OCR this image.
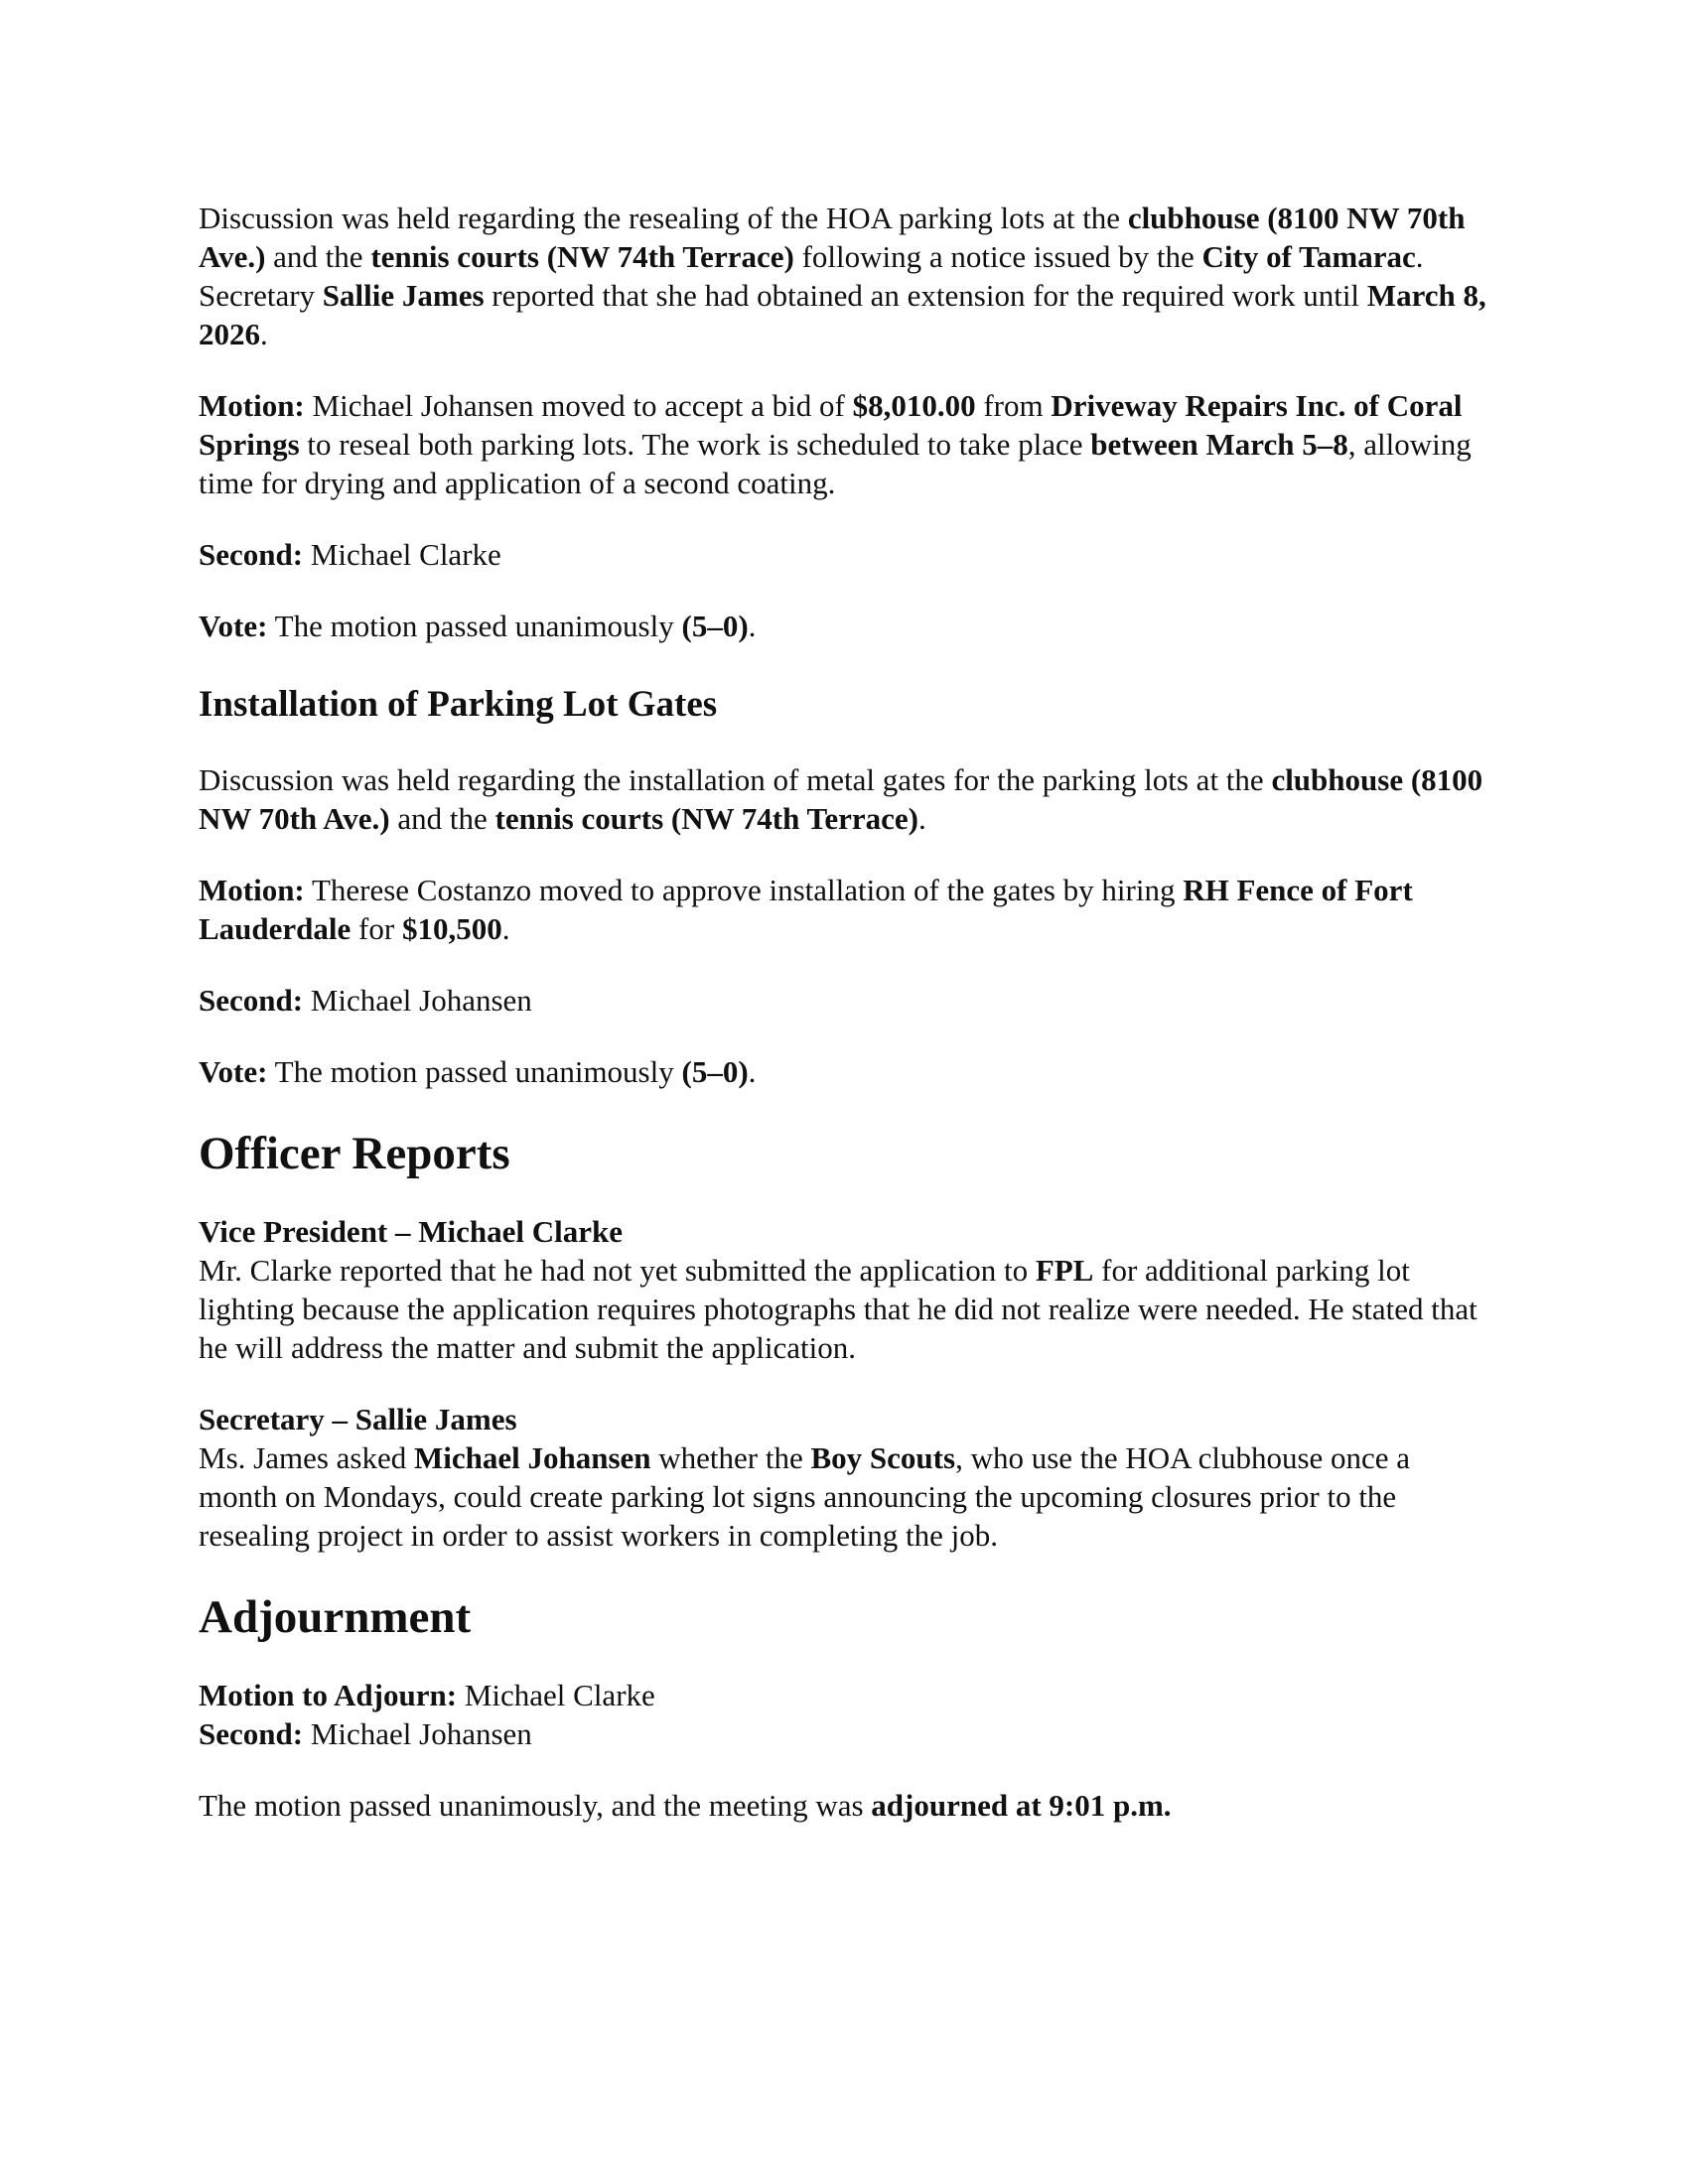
Discussion was held regarding the resealing of the HOA parking lots at the clubhouse (8100 NW 70th Ave.) and the tennis courts (NW 74th Terrace) following a notice issued by the City of Tamarac. Secretary Sallie James reported that she had obtained an extension for the required work until March 8, 2026.

Motion: Michael Johansen moved to accept a bid of $8,010.00 from Driveway Repairs Inc. of Coral Springs to reseal both parking lots. The work is scheduled to take place between March 5–8, allowing time for drying and application of a second coating.

Second: Michael Clarke

Vote: The motion passed unanimously (5–0).

Installation of Parking Lot Gates

Discussion was held regarding the installation of metal gates for the parking lots at the clubhouse (8100 NW 70th Ave.) and the tennis courts (NW 74th Terrace).

Motion: Therese Costanzo moved to approve installation of the gates by hiring RH Fence of Fort Lauderdale for $10,500.

Second: Michael Johansen

Vote: The motion passed unanimously (5–0).

Officer Reports

Vice President – Michael Clarke

Mr. Clarke reported that he had not yet submitted the application to FPL for additional parking lot lighting because the application requires photographs that he did not realize were needed. He stated that he will address the matter and submit the application.

Secretary – Sallie James

Ms. James asked Michael Johansen whether the Boy Scouts, who use the HOA clubhouse once a month on Mondays, could create parking lot signs announcing the upcoming closures prior to the resealing project in order to assist workers in completing the job.

Adjournment

Motion to Adjourn: Michael Clarke

Second: Michael Johansen

The motion passed unanimously, and the meeting was adjourned at 9:01 p.m.
